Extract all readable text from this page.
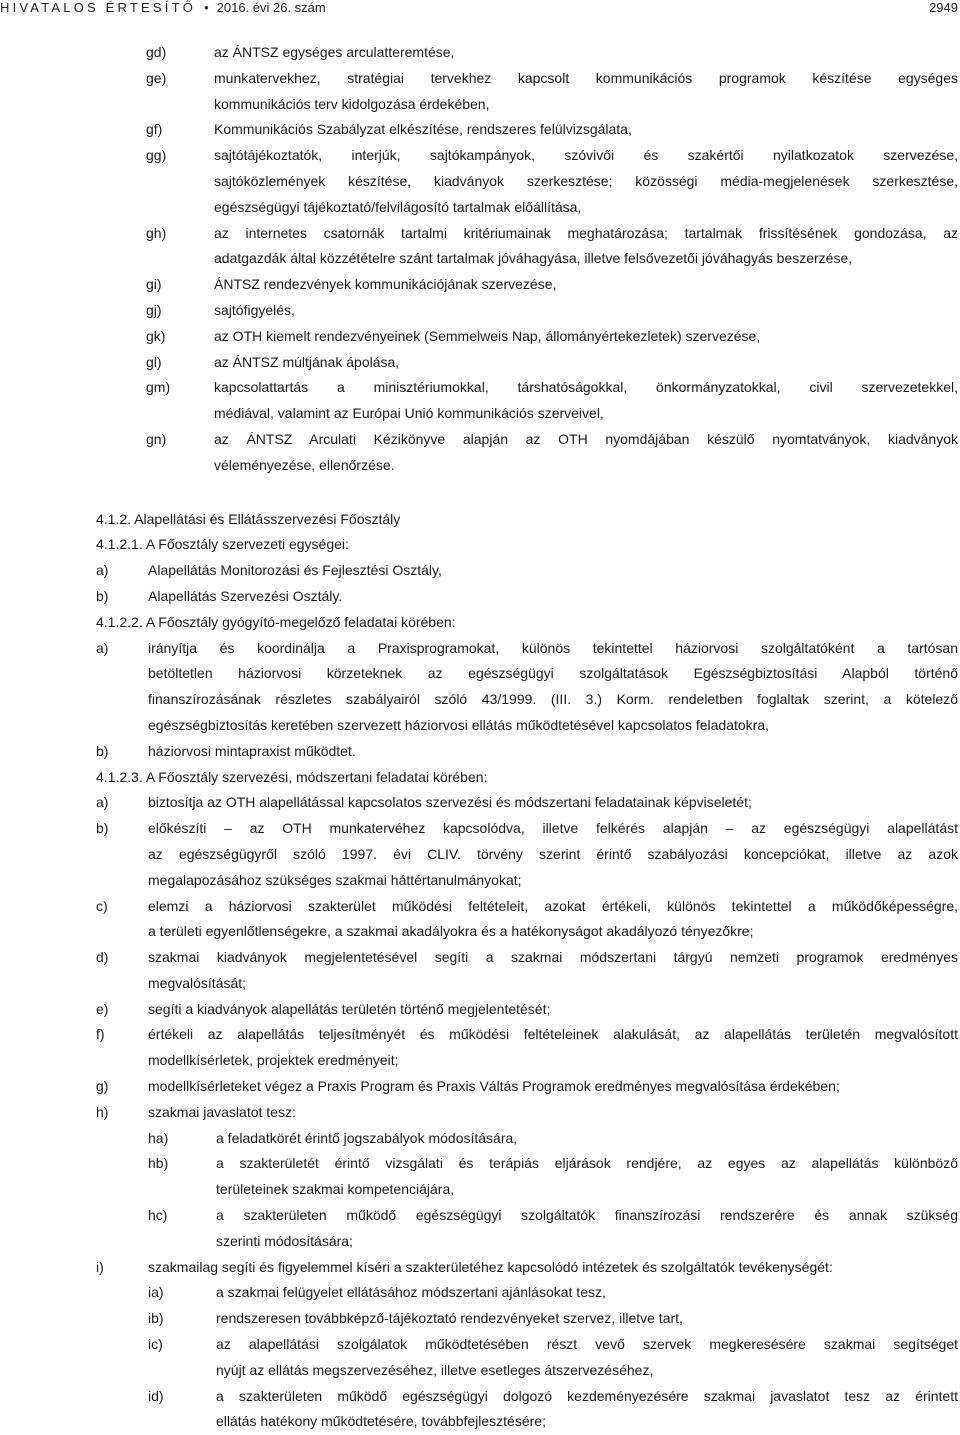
HIVATALOS ÉRTESÍTŐ • 2016. évi 26. szám	2949
gd)	az ÁNTSZ egységes arculatteremtése,
ge)	munkatervekhez, stratégiai tervekhez kapcsolt kommunikációs programok készítése egységes
kommunikációs terv kidolgozása érdekében,
gf)	Kommunikációs Szabályzat elkészítése, rendszeres felülvizsgálata,
gg)	sajtótájékoztatók, interjúk, sajtókampányok, szóvivői és szakértői nyilatkozatok szervezése,
sajtóközlemények készítése, kiadványok szerkesztése; közösségi média-megjelenések szerkesztése,
egészségügyi tájékoztató/felvilágosító tartalmak előállítása,
gh)	az internetes csatornák tartalmi kritériumainak meghatározása; tartalmak frissítésének gondozása, az
adatgazdák által közzétételre szánt tartalmak jóváhagyása, illetve felsővezetői jóváhagyás beszerzése,
gi)	ÁNTSZ rendezvények kommunikációjának szervezése,
gj)	sajtófigyelés,
gk)	az OTH kiemelt rendezvényeinek (Semmelweis Nap, állományértekezletek) szervezése,
gl)	az ÁNTSZ múltjának ápolása,
gm)	kapcsolattartás a minisztériumokkal, társhatóságokkal, önkormányzatokkal, civil szervezetekkel,
médiával, valamint az Európai Unió kommunikációs szerveivel,
gn)	az ÁNTSZ Arculati Kézikönyve alapján az OTH nyomdájában készülő nyomtatványok, kiadványok
véleményezése, ellenőrzése.
4.1.2. Alapellátási és Ellátásszervezési Főosztály
4.1.2.1. A Főosztály szervezeti egységei:
a)	Alapellátás Monitorozási és Fejlesztési Osztály,
b)	Alapellátás Szervezési Osztály.
4.1.2.2. A Főosztály gyógyító-megelőző feladatai körében:
a)	irányítja és koordinálja a Praxisprogramokat, különös tekintettel háziorvosi szolgáltatóként a tartósan
betöltetlen háziorvosi körzeteknek az egészségügyi szolgáltatások Egészségbiztosítási Alapból történő
finanszírozásának részletes szabályairól szóló 43/1999. (III. 3.) Korm. rendeletben foglaltak szerint, a kötelező
egészségbiztosítás keretében szervezett háziorvosi ellátás működtetésével kapcsolatos feladatokra,
b)	háziorvosi mintapraxist működtet.
4.1.2.3. A Főosztály szervezési, módszertani feladatai körében:
a)	biztosítja az OTH alapellátással kapcsolatos szervezési és módszertani feladatainak képviseletét;
b)	előkészíti – az OTH munkatervéhez kapcsolódva, illetve felkérés alapján – az egészségügyi alapellátást
az egészségügyről szóló 1997. évi CLIV. törvény szerint érintő szabályozási koncepciókat, illetve az azok
megalapozásához szükséges szakmai háttértanulmányokat;
c)	elemzi a háziorvosi szakterület működési feltételeit, azokat értékeli, különös tekintettel a működőképességre,
a területi egyenlőtlenségekre, a szakmai akadályokra és a hatékonyságot akadályozó tényezőkre;
d)	szakmai kiadványok megjelentetésével segíti a szakmai módszertani tárgyú nemzeti programok eredményes
megvalósítását;
e)	segíti a kiadványok alapellátás területén történő megjelentetését;
f)	értékeli az alapellátás teljesítményét és működési feltételeinek alakulását, az alapellátás területén megvalósított
modellkísérletek, projektek eredményeit;
g)	modellkísérleteket végez a Praxis Program és Praxis Váltás Programok eredményes megvalósítása érdekében;
h)	szakmai javaslatot tesz:
ha)	a feladatkörét érintő jogszabályok módosítására,
hb)	a szakterületét érintő vizsgálati és terápiás eljárások rendjére, az egyes az alapellátás különböző
területeinek szakmai kompetenciájára,
hc)	a szakterületen működő egészségügyi szolgáltatók finanszírozási rendszerére és annak szükség
szerinti módosítására;
i)	szakmailag segíti és figyelemmel kíséri a szakterületéhez kapcsolódó intézetek és szolgáltatók tevékenységét:
ia)	a szakmai felügyelet ellátásához módszertani ajánlásokat tesz,
ib)	rendszeresen továbbképző-tájékoztató rendezvényeket szervez, illetve tart,
ic)	az alapellátási szolgálatok működtetésében részt vevő szervek megkeresésére szakmai segítséget
nyújt az ellátás megszervezéséhez, illetve esetleges átszervezéséhez,
id)	a szakterületen működő egészségügyi dolgozó kezdeményezésére szakmai javaslatot tesz az érintett
ellátás hatékony működtetésére, továbbfejlesztésére;
